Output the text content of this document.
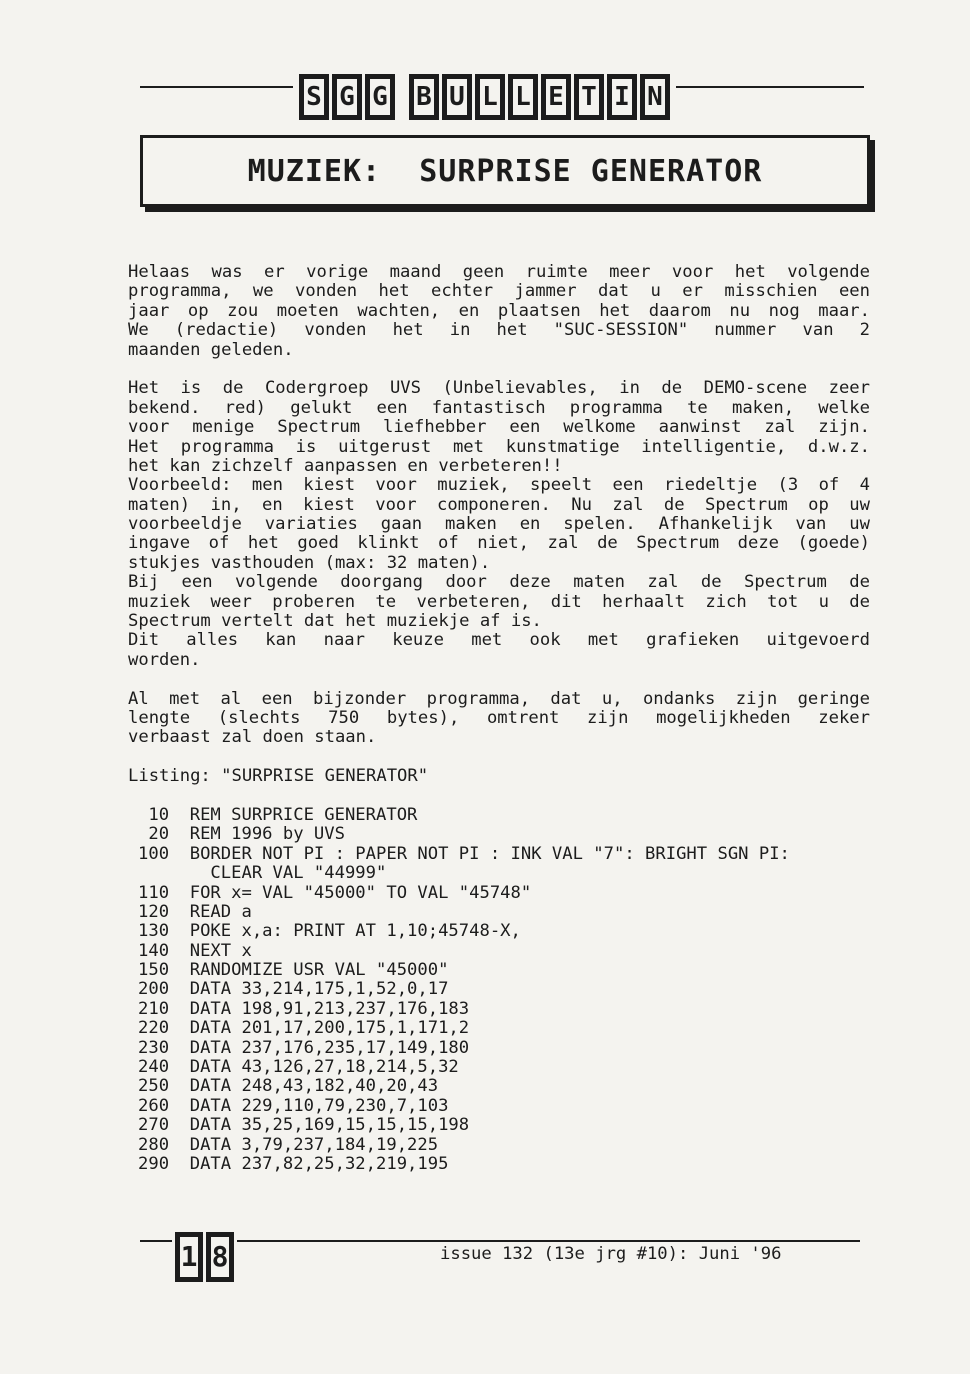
S G G B U L L E T I N
MUZIEK:  SURPRISE GENERATOR
Helaas was er vorige maand geen ruimte meer voor het volgende
programma, we vonden het echter jammer dat u er misschien een
jaar op zou moeten wachten, en plaatsen het daarom nu nog maar.
We (redactie) vonden het in het "SUC-SESSION" nummer van 2
maanden geleden.
Het is de Codergroep UVS (Unbelievables, in de DEMO-scene zeer
bekend. red) gelukt een fantastisch programma te maken, welke
voor menige Spectrum liefhebber een welkome aanwinst zal zijn.
Het programma is uitgerust met kunstmatige intelligentie, d.w.z.
het kan zichzelf aanpassen en verbeteren!!
Voorbeeld: men kiest voor muziek, speelt een riedeltje (3 of 4
maten) in, en kiest voor componeren. Nu zal de Spectrum op uw
voorbeeldje variaties gaan maken en spelen. Afhankelijk van uw
ingave of het goed klinkt of niet, zal de Spectrum deze (goede)
stukjes vasthouden (max: 32 maten).
Bij een volgende doorgang door deze maten zal de Spectrum de
muziek weer proberen te verbeteren, dit herhaalt zich tot u de
Spectrum vertelt dat het muziekje af is.
Dit alles kan naar keuze met ook met grafieken uitgevoerd
worden.
Al met al een bijzonder programma, dat u, ondanks zijn geringe
lengte (slechts 750 bytes), omtrent zijn mogelijkheden zeker
verbaast zal doen staan.
Listing: "SURPRISE GENERATOR"
10  REM SURPRICE GENERATOR
20  REM 1996 by UVS
100  BORDER NOT PI : PAPER NOT PI : INK VAL "7": BRIGHT SGN PI:
CLEAR VAL "44999"
110  FOR x= VAL "45000" TO VAL "45748"
120  READ a
130  POKE x,a: PRINT AT 1,10;45748-X,
140  NEXT x
150  RANDOMIZE USR VAL "45000"
200  DATA 33,214,175,1,52,0,17
210  DATA 198,91,213,237,176,183
220  DATA 201,17,200,175,1,171,2
230  DATA 237,176,235,17,149,180
240  DATA 43,126,27,18,214,5,32
250  DATA 248,43,182,40,20,43
260  DATA 229,110,79,230,7,103
270  DATA 35,25,169,15,15,15,198
280  DATA 3,79,237,184,19,225
290  DATA 237,82,25,32,219,195
1 8	issue 132 (13e jrg #10): Juni '96
